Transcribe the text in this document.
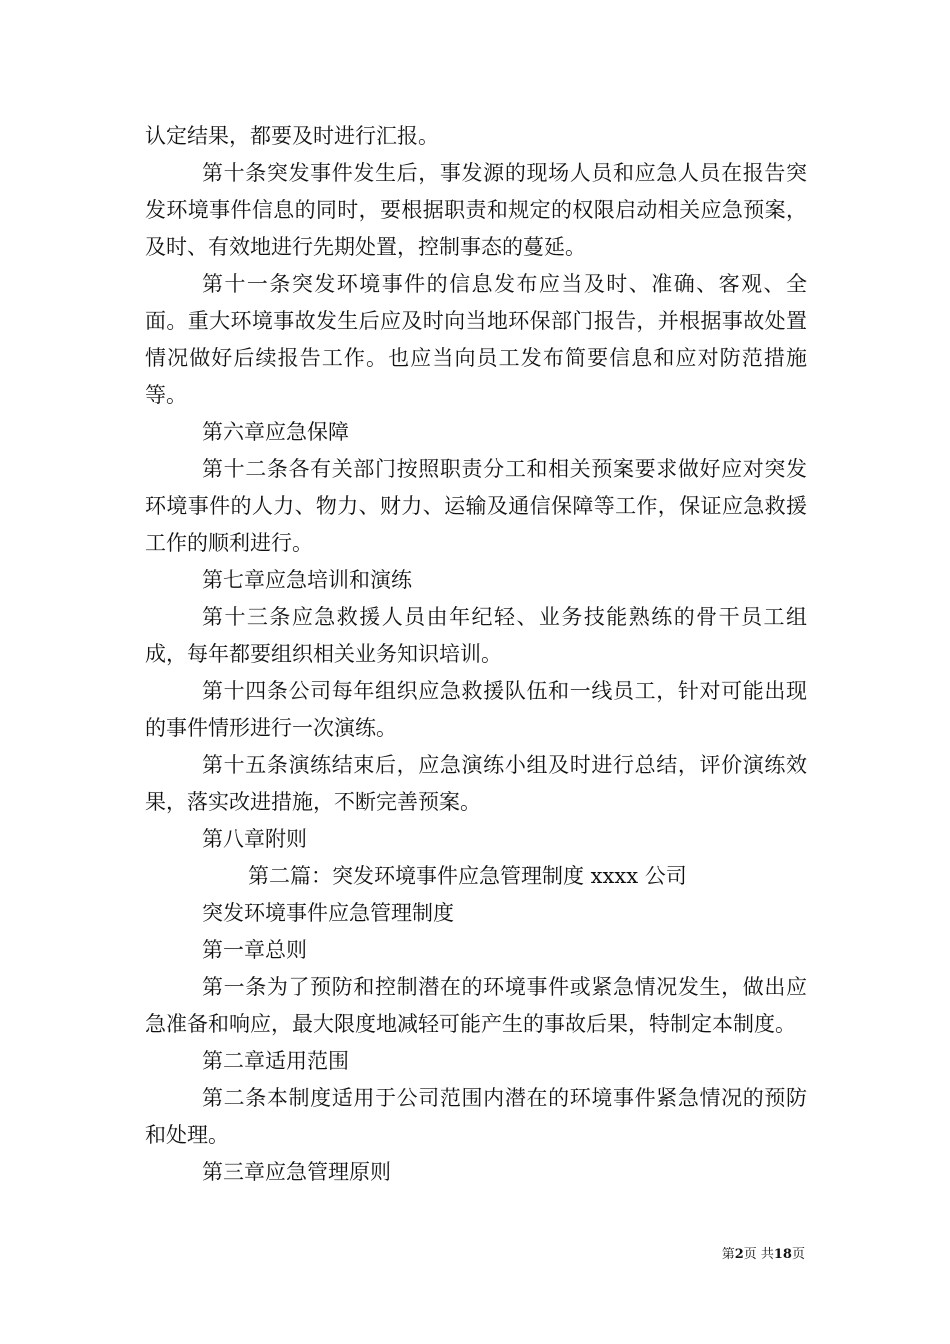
认定结果，都要及时进行汇报。

第十条突发事件发生后，事发源的现场人员和应急人员在报告突发环境事件信息的同时，要根据职责和规定的权限启动相关应急预案，及时、有效地进行先期处置，控制事态的蔓延。

第十一条突发环境事件的信息发布应当及时、准确、客观、全面。重大环境事故发生后应及时向当地环保部门报告，并根据事故处置情况做好后续报告工作。也应当向员工发布简要信息和应对防范措施等。

第六章应急保障

第十二条各有关部门按照职责分工和相关预案要求做好应对突发环境事件的人力、物力、财力、运输及通信保障等工作，保证应急救援工作的顺利进行。

第七章应急培训和演练

第十三条应急救援人员由年纪轻、业务技能熟练的骨干员工组成，每年都要组织相关业务知识培训。

第十四条公司每年组织应急救援队伍和一线员工，针对可能出现的事件情形进行一次演练。

第十五条演练结束后，应急演练小组及时进行总结，评价演练效果，落实改进措施，不断完善预案。

第八章附则

第二篇：突发环境事件应急管理制度 xxxx 公司

突发环境事件应急管理制度

第一章总则

第一条为了预防和控制潜在的环境事件或紧急情况发生，做出应急准备和响应，最大限度地减轻可能产生的事故后果，特制定本制度。

第二章适用范围

第二条本制度适用于公司范围内潜在的环境事件紧急情况的预防和处理。

第三章应急管理原则

第2页 共18页
